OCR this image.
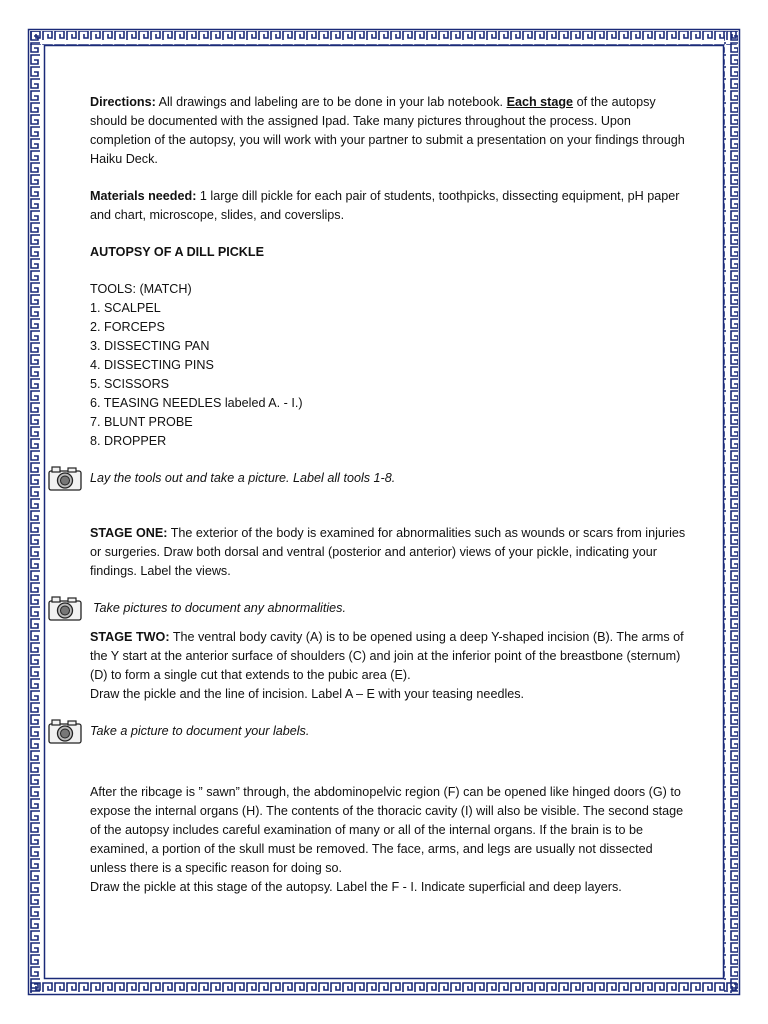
Directions: All drawings and labeling are to be done in your lab notebook. Each stage of the autopsy should be documented with the assigned Ipad. Take many pictures throughout the process. Upon completion of the autopsy, you will work with your partner to submit a presentation on your findings through Haiku Deck.

Materials needed: 1 large dill pickle for each pair of students, toothpicks, dissecting equipment, pH paper and chart, microscope, slides, and coverslips.

AUTOPSY OF A DILL PICKLE

TOOLS: (MATCH)

1. SCALPEL
2. FORCEPS
3. DISSECTING PAN
4. DISSECTING PINS
5. SCISSORS
6. TEASING NEEDLES labeled A. - I.)
7. BLUNT PROBE
8. DROPPER

Lay the tools out and take a picture. Label all tools 1-8.

STAGE ONE: The exterior of the body is examined for abnormalities such as wounds or scars from injuries or surgeries. Draw both dorsal and ventral (posterior and anterior) views of your pickle, indicating your findings. Label the views.

Take pictures to document any abnormalities.

STAGE TWO: The ventral body cavity (A) is to be opened using a deep Y-shaped incision (B). The arms of the Y start at the anterior surface of shoulders (C) and join at the inferior point of the breastbone (sternum) (D) to form a single cut that extends to the pubic area (E).

Draw the pickle and the line of incision. Label A – E with your teasing needles.

Take a picture to document your labels.

After the ribcage is ” sawn” through, the abdominopelvic region (F) can be opened like hinged doors (G) to expose the internal organs (H). The contents of the thoracic cavity (I) will also be visible. The second stage of the autopsy includes careful examination of many or all of the internal organs. If the brain is to be examined, a portion of the skull must be removed. The face, arms, and legs are usually not dissected unless there is a specific reason for doing so.

Draw the pickle at this stage of the autopsy. Label the F - I. Indicate superficial and deep layers.
